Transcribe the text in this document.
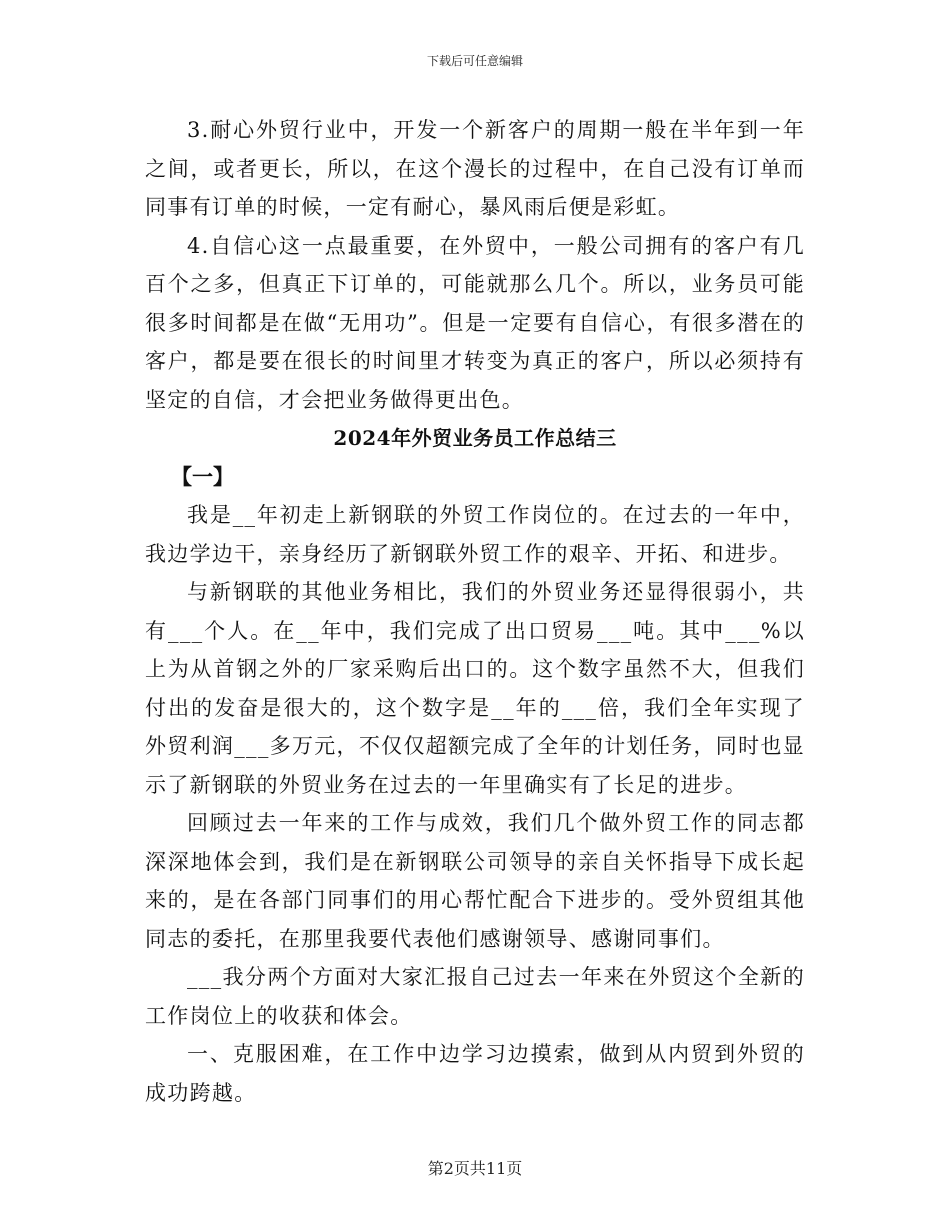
下载后可任意编辑

3.耐心外贸行业中，开发一个新客户的周期一般在半年到一年之间，或者更长，所以，在这个漫长的过程中，在自己没有订单而同事有订单的时候，一定有耐心，暴风雨后便是彩虹。

4.自信心这一点最重要，在外贸中，一般公司拥有的客户有几百个之多，但真正下订单的，可能就那么几个。所以，业务员可能很多时间都是在做“无用功”。但是一定要有自信心，有很多潜在的客户，都是要在很长的时间里才转变为真正的客户，所以必须持有坚定的自信，才会把业务做得更出色。

2024年外贸业务员工作总结三

【一】

我是__年初走上新钢联的外贸工作岗位的。在过去的一年中，我边学边干，亲身经历了新钢联外贸工作的艰辛、开拓、和进步。

与新钢联的其他业务相比，我们的外贸业务还显得很弱小，共有___个人。在__年中，我们完成了出口贸易___吨。其中___%以上为从首钢之外的厂家采购后出口的。这个数字虽然不大，但我们付出的发奋是很大的，这个数字是__年的___倍，我们全年实现了外贸利润___多万元，不仅仅超额完成了全年的计划任务，同时也显示了新钢联的外贸业务在过去的一年里确实有了长足的进步。

回顾过去一年来的工作与成效，我们几个做外贸工作的同志都深深地体会到，我们是在新钢联公司领导的亲自关怀指导下成长起来的，是在各部门同事们的用心帮忙配合下进步的。受外贸组其他同志的委托，在那里我要代表他们感谢领导、感谢同事们。

___我分两个方面对大家汇报自己过去一年来在外贸这个全新的工作岗位上的收获和体会。

一、克服困难，在工作中边学习边摸索，做到从内贸到外贸的成功跨越。

第2页共11页
